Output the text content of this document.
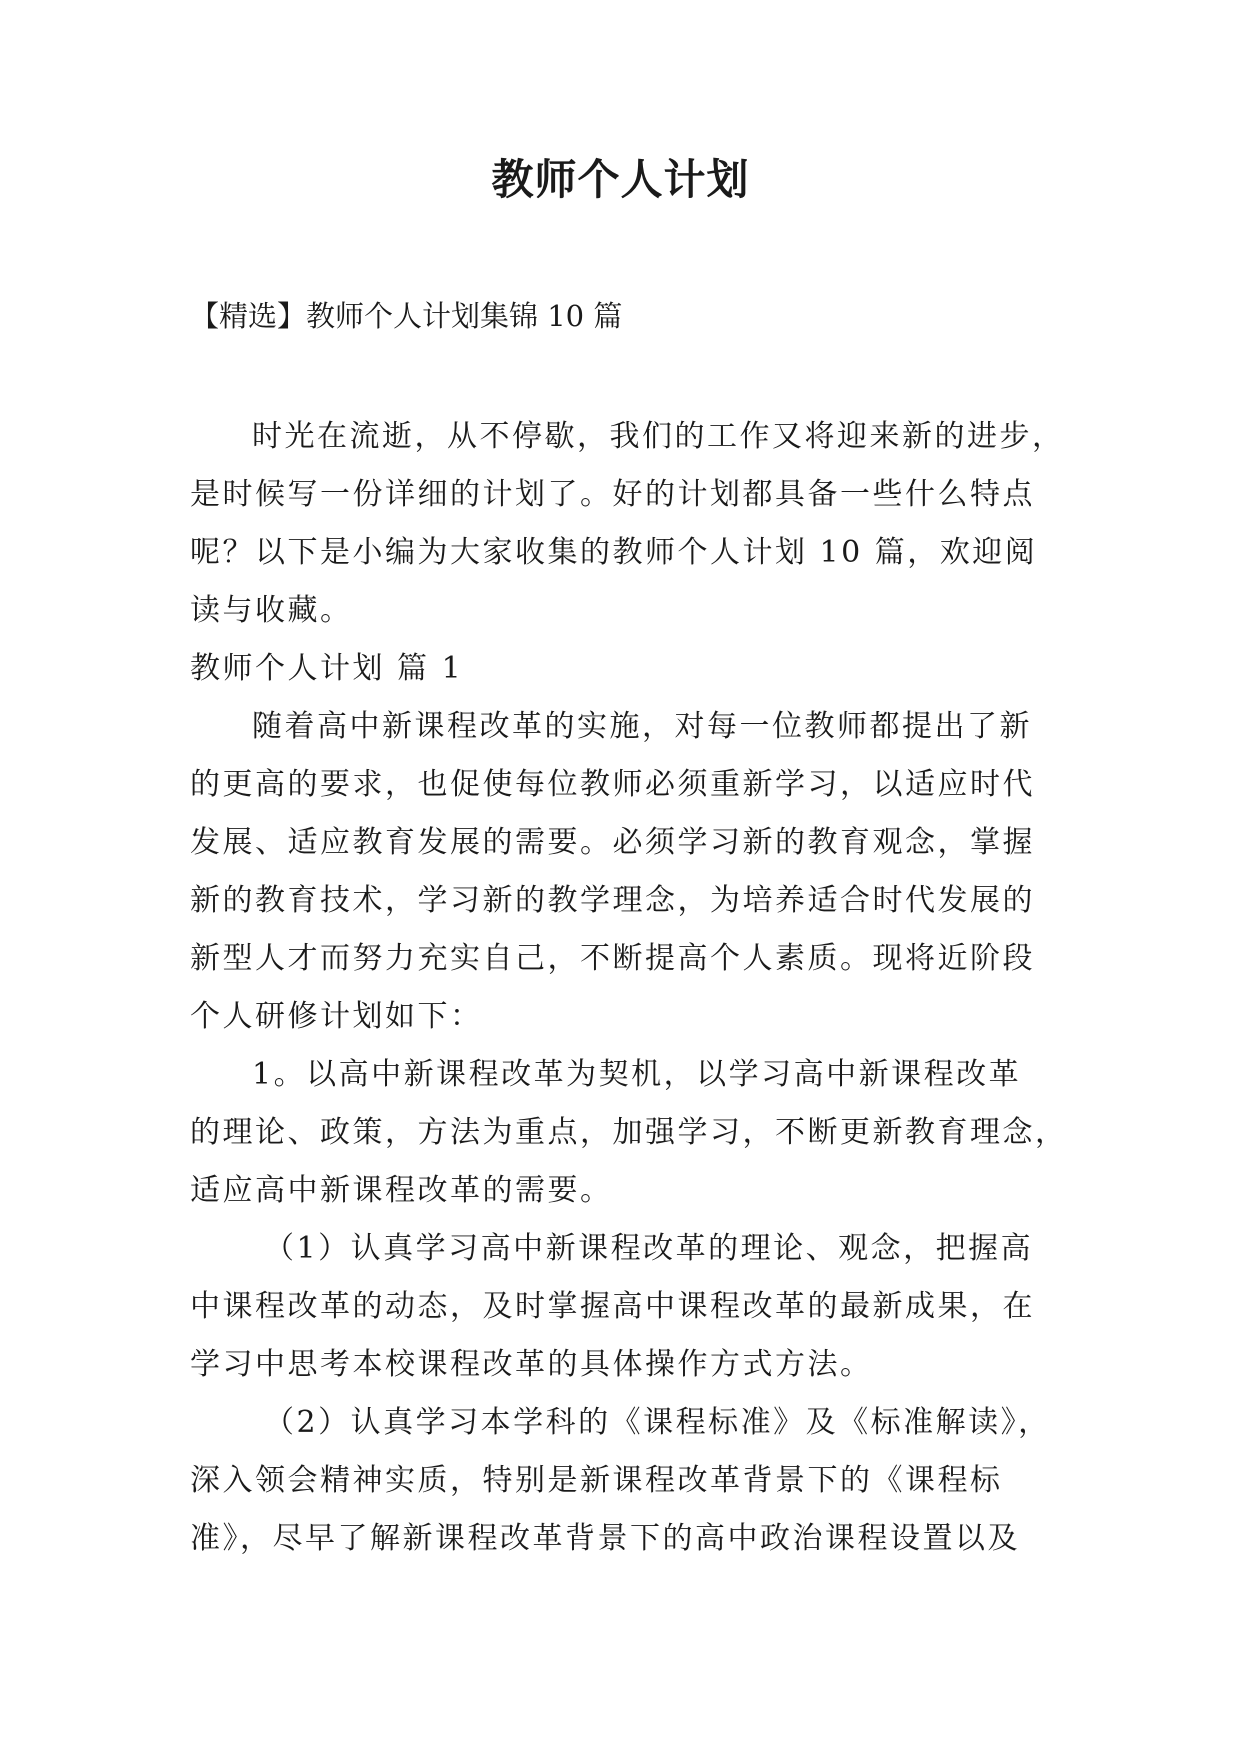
教师个人计划
【精选】教师个人计划集锦 10 篇
时光在流逝，从不停歇，我们的工作又将迎来新的进步，
是时候写一份详细的计划了。好的计划都具备一些什么特点
呢？以下是小编为大家收集的教师个人计划 10 篇，欢迎阅
读与收藏。
教师个人计划 篇 1
随着高中新课程改革的实施，对每一位教师都提出了新
的更高的要求，也促使每位教师必须重新学习，以适应时代
发展、适应教育发展的需要。必须学习新的教育观念，掌握
新的教育技术，学习新的教学理念，为培养适合时代发展的
新型人才而努力充实自己，不断提高个人素质。现将近阶段
个人研修计划如下：
1。以高中新课程改革为契机，以学习高中新课程改革
的理论、政策，方法为重点，加强学习，不断更新教育理念，
适应高中新课程改革的需要。
（1）认真学习高中新课程改革的理论、观念，把握高
中课程改革的动态，及时掌握高中课程改革的最新成果，在
学习中思考本校课程改革的具体操作方式方法。
（2）认真学习本学科的《课程标准》及《标准解读》，
深入领会精神实质，特别是新课程改革背景下的《课程标
准》，尽早了解新课程改革背景下的高中政治课程设置以及
